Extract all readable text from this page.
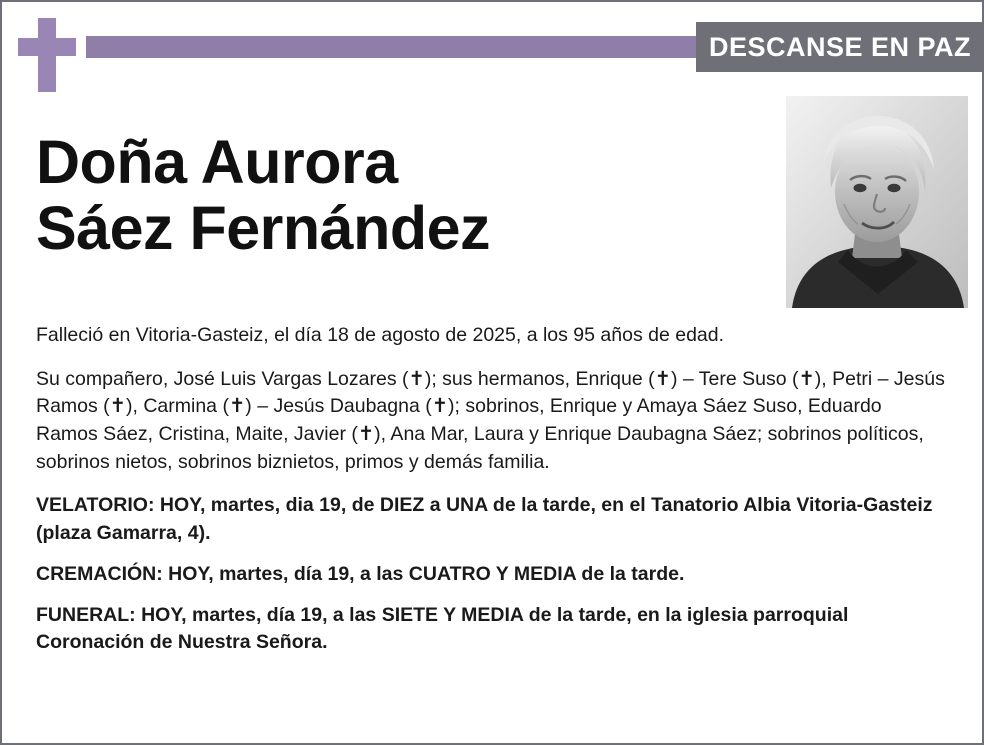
DESCANSE EN PAZ
Doña Aurora
Sáez Fernández

Falleció en Vitoria-Gasteiz, el día 18 de agosto de 2025, a los 95 años de edad.

Su compañero, José Luis Vargas Lozares (✝); sus hermanos, Enrique (✝) – Tere Suso (✝), Petri – Jesús Ramos (✝), Carmina (✝) – Jesús Daubagna (✝); sobrinos, Enrique y Amaya Sáez Suso, Eduardo Ramos Sáez, Cristina, Maite, Javier (✝), Ana Mar, Laura y Enrique Daubagna Sáez; sobrinos políticos, sobrinos nietos, sobrinos biznietos, primos y demás familia.

VELATORIO: HOY, martes, dia 19, de DIEZ a UNA de la tarde, en el Tanatorio Albia Vitoria-Gasteiz (plaza Gamarra, 4).

CREMACIÓN: HOY, martes, día 19, a las CUATRO Y MEDIA de la tarde.

FUNERAL: HOY, martes, día 19, a las SIETE Y MEDIA de la tarde, en la iglesia parroquial Coronación de Nuestra Señora.
